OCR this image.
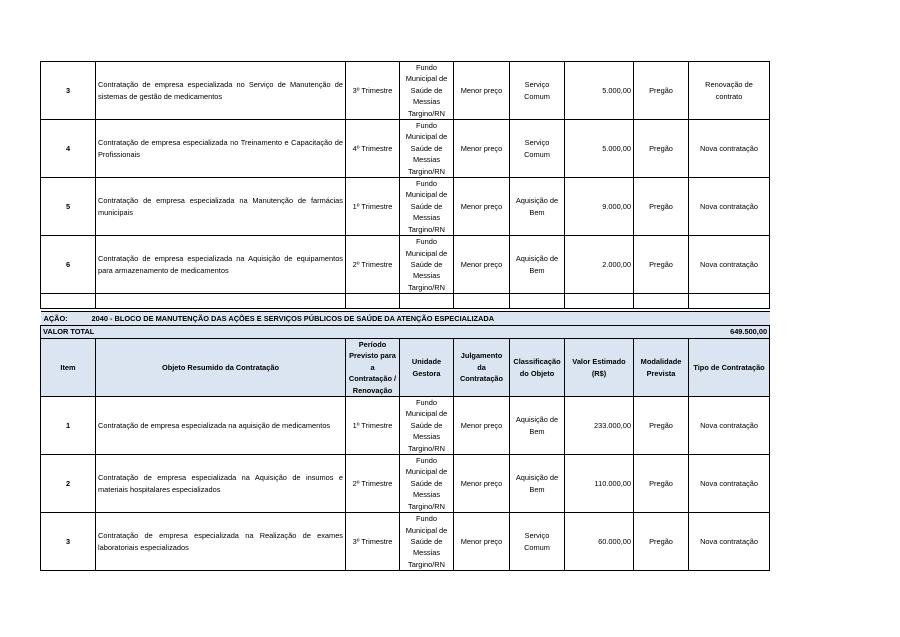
3	Contratação de empresa especializada no Serviço de Manutenção de sistemas de gestão de medicamentos	3º Trimestre	Fundo Municipal de Saúde de Messias Targino/RN	Menor preço	Serviço Comum	5.000,00	Pregão	Renovação de contrato
4	Contratação de empresa especializada no Treinamento e Capacitação de Profissionais	4º Trimestre	Fundo Municipal de Saúde de Messias Targino/RN	Menor preço	Serviço Comum	5.000,00	Pregão	Nova contratação
5	Contratação de empresa especializada na Manutenção de farmácias municipais	1º Trimestre	Fundo Municipal de Saúde de Messias Targino/RN	Menor preço	Aquisição de Bem	9.000,00	Pregão	Nova contratação
6	Contratação de empresa especializada na Aquisição de equipamentos para armazenamento de medicamentos	2º Trimestre	Fundo Municipal de Saúde de Messias Targino/RN	Menor preço	Aquisição de Bem	2.000,00	Pregão	Nova contratação

AÇÃO: 2040 - BLOCO DE MANUTENÇÃO DAS AÇÕES E SERVIÇOS PÚBLICOS DE SAÚDE DA ATENÇÃO ESPECIALIZADA								
VALOR TOTAL		649.500,00						
Item	Objeto Resumido da Contratação	Período Previsto para a Contratação / Renovação	Unidade Gestora	Julgamento da Contratação	Classificação do Objeto	Valor Estimado (R$)	Modalidade Prevista	Tipo de Contratação
1	Contratação de empresa especializada na aquisição de medicamentos	1º Trimestre	Fundo Municipal de Saúde de Messias Targino/RN	Menor preço	Aquisição de Bem	233.000,00	Pregão	Nova contratação
2	Contratação de empresa especializada na Aquisição de insumos e materiais hospitalares especializados	2º Trimestre	Fundo Municipal de Saúde de Messias Targino/RN	Menor preço	Aquisição de Bem	110.000,00	Pregão	Nova contratação
3	Contratação de empresa especializada na Realização de exames laboratoriais especializados	3º Trimestre	Fundo Municipal de Saúde de Messias Targino/RN	Menor preço	Serviço Comum	60.000,00	Pregão	Nova contratação
